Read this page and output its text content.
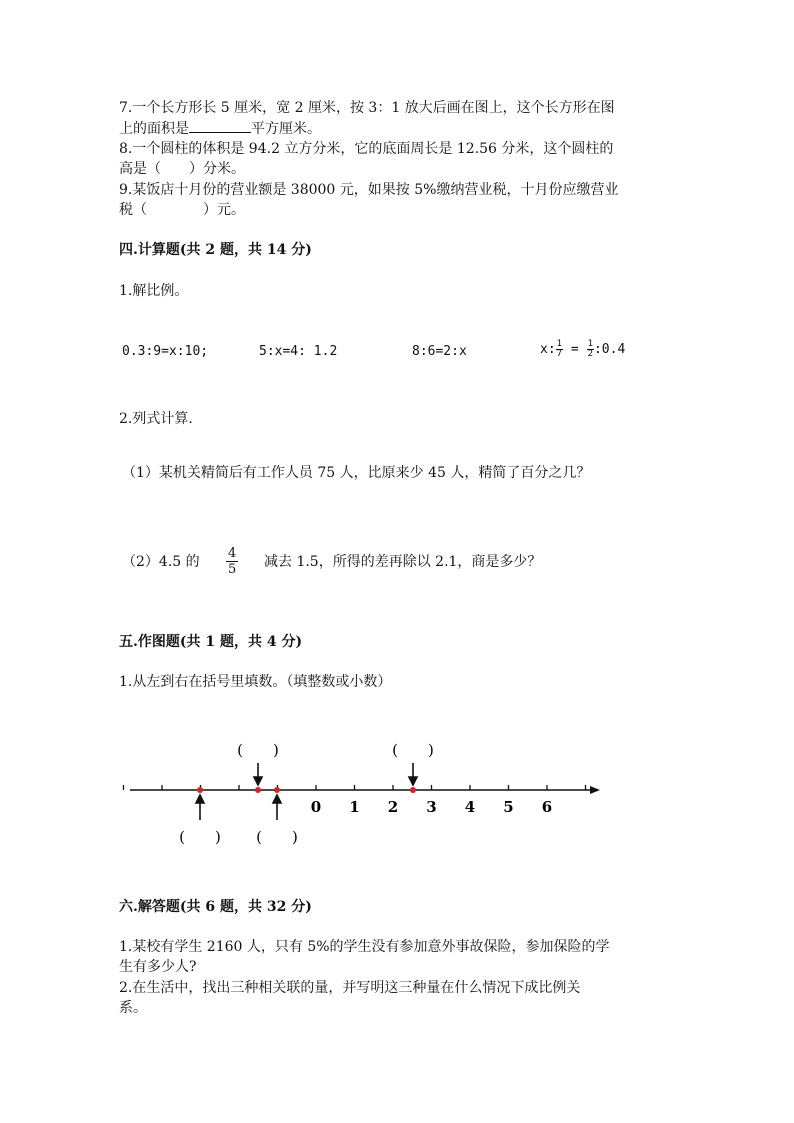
7.一个长方形长 5 厘米，宽 2 厘米，按 3：1 放大后画在图上，这个长方形在图
上的面积是	平方厘米。
8.一个圆柱的体积是 94.2 立方分米，它的底面周长是 12.56 分米，这个圆柱的
高是（　　）分米。
9.某饭店十月份的营业额是 38000 元，如果按 5%缴纳营业税，十月份应缴营业
税（　　　　）元。
四.计算题(共 2 题，共 14 分)
1.解比例。
0.3:9=x:10;	5:x=4: 1.2	8:6=2:x	x: $\frac{1}{7} = \frac{1}{2}$ :0.4
2.列式计算.
（1）某机关精简后有工作人员 75 人，比原来少 45 人，精简了百分之几？
（2）4.5 的 $\frac{4}{5}$ 减去 1.5，所得的差再除以 2.1，商是多少？
五.作图题(共 1 题，共 4 分)
1.从左到右在括号里填数。（填整数或小数）
0 1 2 3 4 5 6
(　　)	(　　)
(　　) (　　)
六.解答题(共 6 题，共 32 分)
1.某校有学生 2160 人，只有 5%的学生没有参加意外事故保险，参加保险的学
生有多少人?
2.在生活中，找出三种相关联的量，并写明这三种量在什么情况下成比例关
系。
